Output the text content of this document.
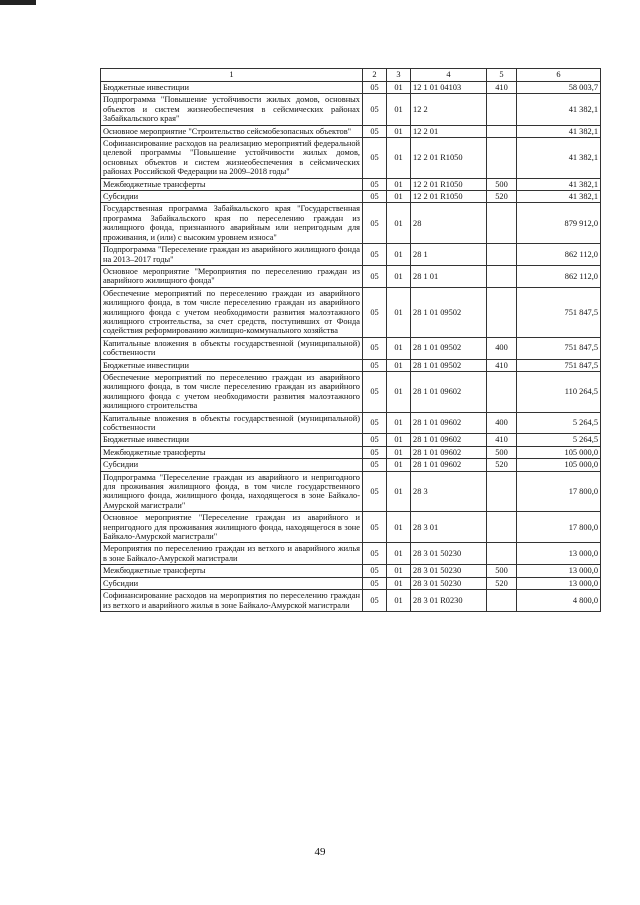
1	2	3	4	5	6
Бюджетные инвестиции	05	01	12 1 01 04103	410	58 003,7
Подпрограмма "Повышение устойчивости жилых домов, основных объектов и систем жизнеобеспечения в сейсмических районах Забайкальского края"	05	01	12 2		41 382,1
Основное мероприятие "Строительство сейсмобезопасных объектов"	05	01	12 2 01		41 382,1
Софинансирование расходов на реализацию мероприятий федеральной целевой программы "Повышение устойчивости жилых домов, основных объектов и систем жизнеобеспечения в сейсмических районах Российской Федерации на 2009–2018 годы"	05	01	12 2 01 R1050		41 382,1
Межбюджетные трансферты	05	01	12 2 01 R1050	500	41 382,1
Субсидии	05	01	12 2 01 R1050	520	41 382,1
Государственная программа Забайкальского края "Государственная программа Забайкальского края по переселению граждан из жилищного фонда, признанного аварийным или непригодным для проживания, и (или) с высоким уровнем износа"	05	01	28		879 912,0
Подпрограмма "Переселение граждан из аварийного жилищного фонда на 2013–2017 годы"	05	01	28 1		862 112,0
Основное мероприятие "Мероприятия по переселению граждан из аварийного жилищного фонда"	05	01	28 1 01		862 112,0
Обеспечение мероприятий по переселению граждан из аварийного жилищного фонда, в том числе переселению граждан из аварийного жилищного фонда с учетом необходимости развития малоэтажного жилищного строительства, за счет средств, поступивших от Фонда содействия реформированию жилищно-коммунального хозяйства	05	01	28 1 01 09502		751 847,5
Капитальные вложения в объекты государственной (муниципальной) собственности	05	01	28 1 01 09502	400	751 847,5
Бюджетные инвестиции	05	01	28 1 01 09502	410	751 847,5
Обеспечение мероприятий по переселению граждан из аварийного жилищного фонда, в том числе переселению граждан из аварийного жилищного фонда с учетом необходимости развития малоэтажного жилищного строительства	05	01	28 1 01 09602		110 264,5
Капитальные вложения в объекты государственной (муниципальной) собственности	05	01	28 1 01 09602	400	5 264,5
Бюджетные инвестиции	05	01	28 1 01 09602	410	5 264,5
Межбюджетные трансферты	05	01	28 1 01 09602	500	105 000,0
Субсидии	05	01	28 1 01 09602	520	105 000,0
Подпрограмма "Переселение граждан из аварийного и непригодного для проживания жилищного фонда, в том числе государственного жилищного фонда, жилищного фонда, находящегося в зоне Байкало-Амурской магистрали"	05	01	28 3		17 800,0
Основное мероприятие "Переселение граждан из аварийного и непригодного для проживания жилищного фонда, находящегося в зоне Байкало-Амурской магистрали"	05	01	28 3 01		17 800,0
Мероприятия по переселению граждан из ветхого и аварийного жилья в зоне Байкало-Амурской магистрали	05	01	28 3 01 50230		13 000,0
Межбюджетные трансферты	05	01	28 3 01 50230	500	13 000,0
Субсидии	05	01	28 3 01 50230	520	13 000,0
Софинансирование расходов на мероприятия по переселению граждан из ветхого и аварийного жилья в зоне Байкало-Амурской магистрали	05	01	28 3 01 R0230		4 800,0
49
